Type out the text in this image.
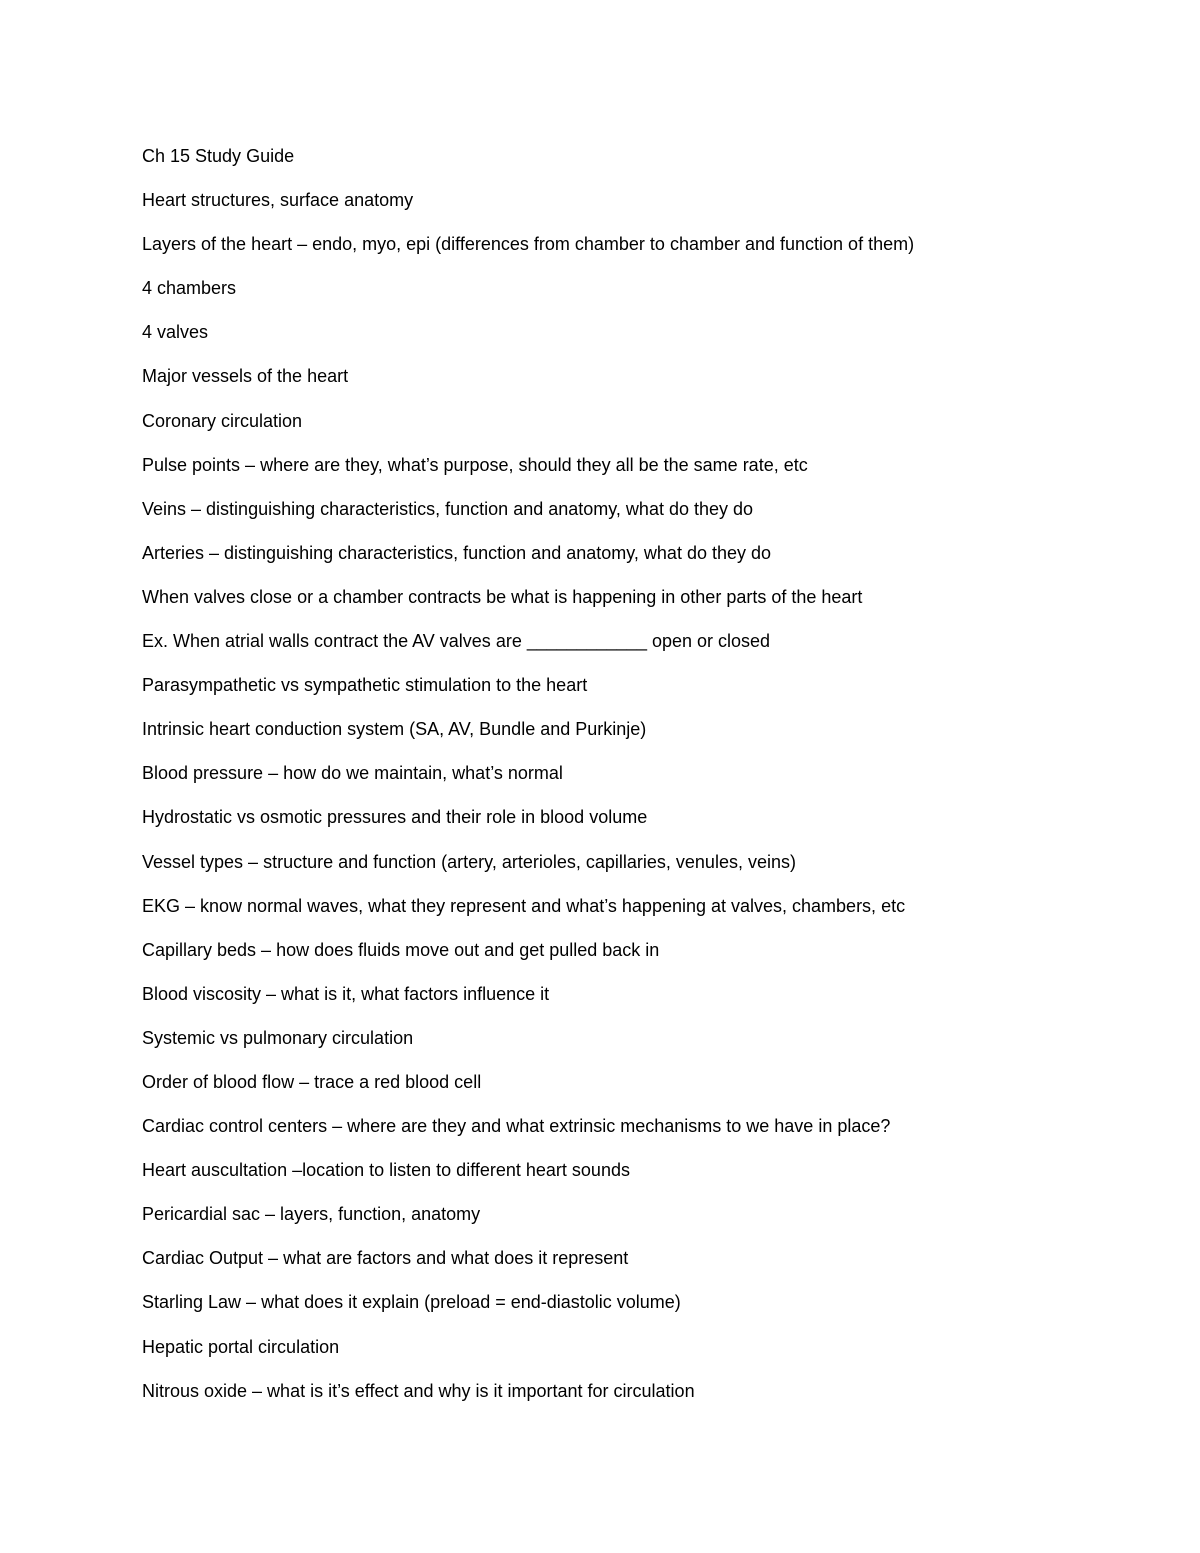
Ch 15 Study Guide
Heart structures, surface anatomy
Layers of the heart – endo, myo, epi (differences from chamber to chamber and function of them)
4 chambers
4 valves
Major vessels of the heart
Coronary circulation
Pulse points – where are they, what’s purpose, should they all be the same rate, etc
Veins – distinguishing characteristics, function and anatomy, what do they do
Arteries – distinguishing characteristics, function and anatomy, what do they do
When valves close or a chamber contracts be what is happening in other parts of the heart
Ex. When atrial walls contract the AV valves are ____________ open or closed
Parasympathetic vs sympathetic stimulation to the heart
Intrinsic heart conduction system (SA, AV, Bundle and Purkinje)
Blood pressure – how do we maintain, what’s normal
Hydrostatic vs osmotic pressures and their role in blood volume
Vessel types – structure and function (artery, arterioles, capillaries, venules, veins)
EKG – know normal waves, what they represent and what’s happening at valves, chambers, etc
Capillary beds – how does fluids move out and get pulled back in
Blood viscosity – what is it, what factors influence it
Systemic vs pulmonary circulation
Order of blood flow – trace a red blood cell
Cardiac control centers – where are they and what extrinsic mechanisms to we have in place?
Heart auscultation –location to listen to different heart sounds
Pericardial sac – layers, function, anatomy
Cardiac Output – what are factors and what does it represent
Starling Law – what does it explain (preload = end-diastolic volume)
Hepatic portal circulation
Nitrous oxide – what is it’s effect and why is it important for circulation
